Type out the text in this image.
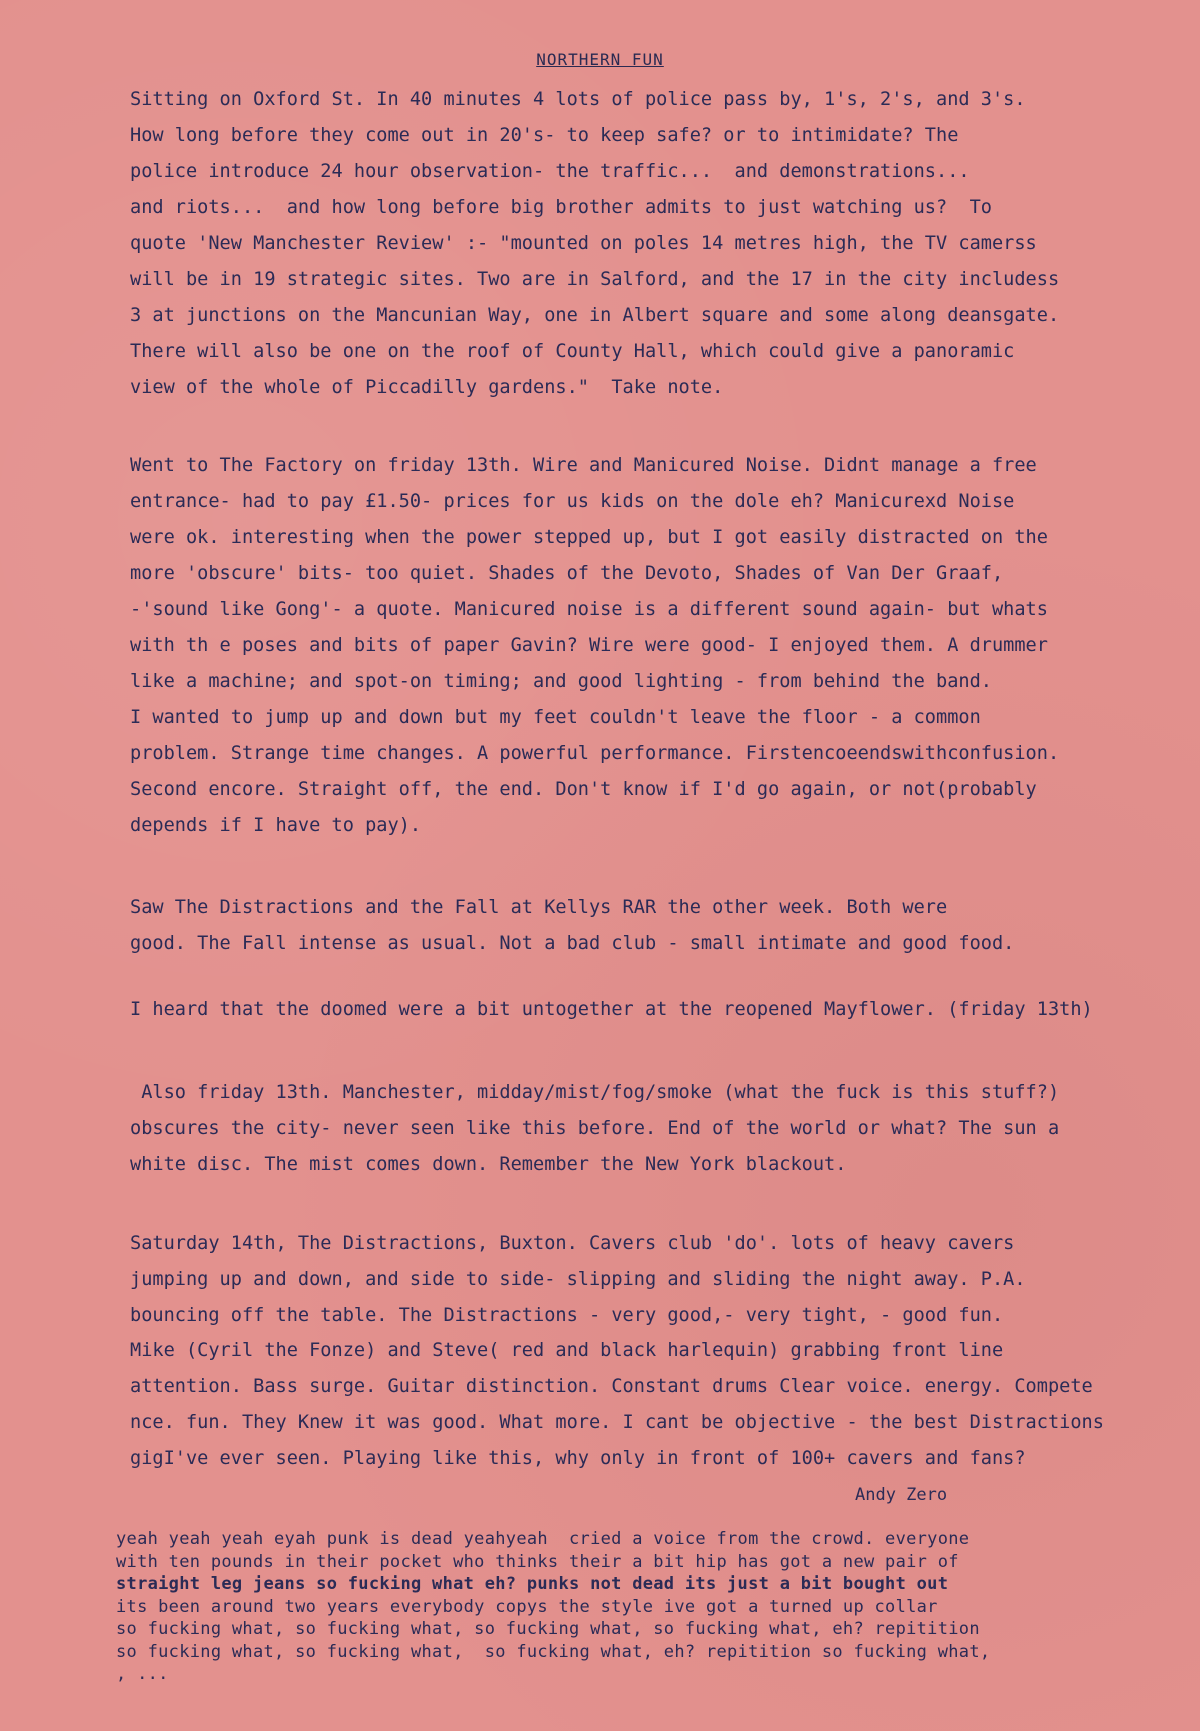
NORTHERN FUN
Sitting on Oxford St. In 40 minutes 4 lots of police pass by, 1's, 2's, and 3's.
How long before they come out in 20's- to keep safe? or to intimidate? The
police introduce 24 hour observation- the traffic...  and demonstrations...
and riots...  and how long before big brother admits to just watching us?  To
quote 'New Manchester Review' :- "mounted on poles 14 metres high, the TV camerss
will be in 19 strategic sites. Two are in Salford, and the 17 in the city includess
3 at junctions on the Mancunian Way, one in Albert square and some along deansgate.
There will also be one on the roof of County Hall, which could give a panoramic
view of the whole of Piccadilly gardens."  Take note.
Went to The Factory on friday 13th. Wire and Manicured Noise. Didnt manage a free
entrance- had to pay £1.50- prices for us kids on the dole eh? Manicurexd Noise
were ok. interesting when the power stepped up, but I got easily distracted on the
more 'obscure' bits- too quiet. Shades of the Devoto, Shades of Van Der Graaf,
-'sound like Gong'- a quote. Manicured noise is a different sound again- but whats
with th e poses and bits of paper Gavin? Wire were good- I enjoyed them. A drummer
like a machine; and spot-on timing; and good lighting - from behind the band.
I wanted to jump up and down but my feet couldn't leave the floor - a common
problem. Strange time changes. A powerful performance. Firstencoeendswithconfusion.
Second encore. Straight off, the end. Don't know if I'd go again, or not(probably
depends if I have to pay).
Saw The Distractions and the Fall at Kellys RAR the other week. Both were
good. The Fall intense as usual. Not a bad club - small intimate and good food.
I heard that the doomed were a bit untogether at the reopened Mayflower. (friday 13th)
Also friday 13th. Manchester, midday/mist/fog/smoke (what the fuck is this stuff?)
obscures the city- never seen like this before. End of the world or what? The sun a
white disc. The mist comes down. Remember the New York blackout.
Saturday 14th, The Distractions, Buxton. Cavers club 'do'. lots of heavy cavers
jumping up and down, and side to side- slipping and sliding the night away. P.A.
bouncing off the table. The Distractions - very good,- very tight, - good fun.
Mike (Cyril the Fonze) and Steve( red and black harlequin) grabbing front line
attention. Bass surge. Guitar distinction. Constant drums Clear voice. energy. Compete
nce. fun. They Knew it was good. What more. I cant be objective - the best Distractions
gigI've ever seen. Playing like this, why only in front of 100+ cavers and fans?
Andy Zero
yeah yeah yeah eyah punk is dead yeahyeah  cried a voice from the crowd. everyone
with ten pounds in their pocket who thinks their a bit hip has got a new pair of
straight leg jeans so fucking what eh? punks not dead its just a bit bought out
its been around two years everybody copys the style ive got a turned up collar
so fucking what, so fucking what, so fucking what, so fucking what, eh? repitition
so fucking what, so fucking what,  so fucking what, eh? repitition so fucking what,
, ...
